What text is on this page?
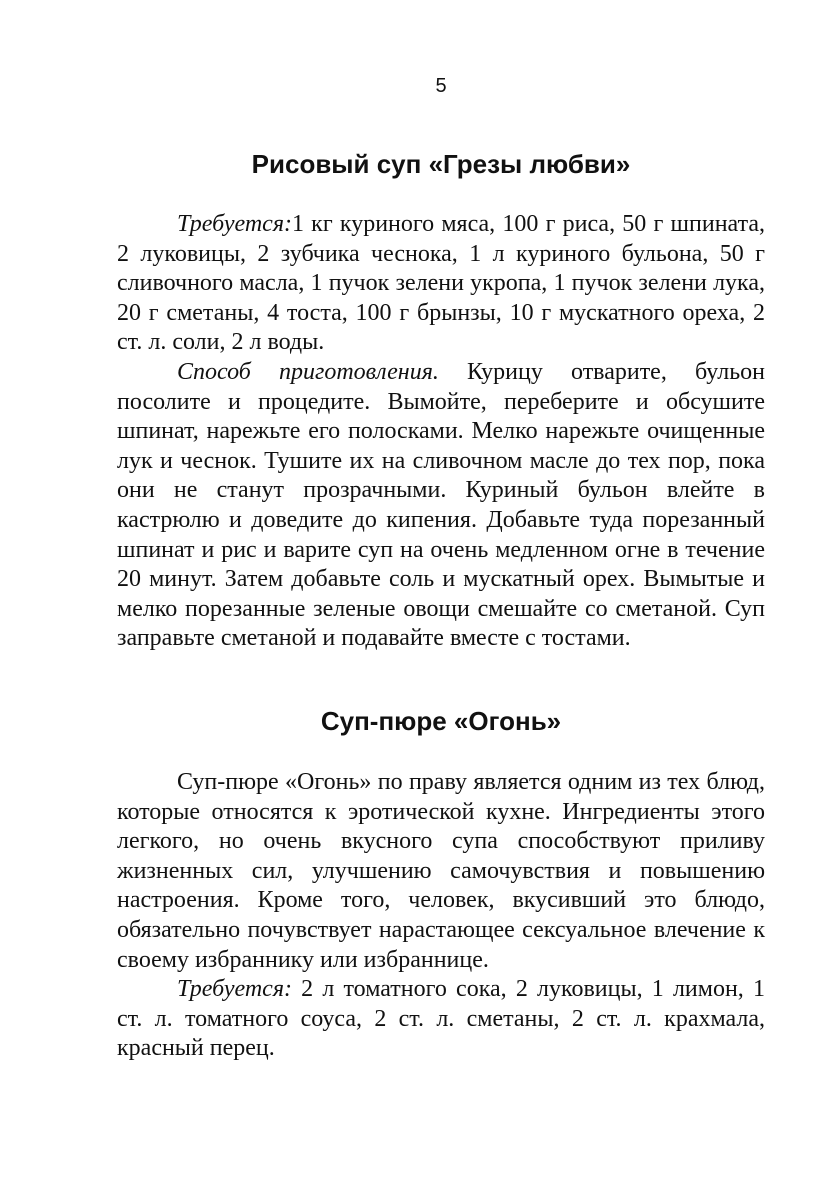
5
Рисовый суп «Грезы любви»

Требуется:1 кг куриного мяса, 100 г риса, 50 г шпината, 2 луковицы, 2 зубчика чеснока, 1 л куриного бульона, 50 г сливочного масла, 1 пучок зелени укропа, 1 пучок зелени лука, 20 г сметаны, 4 тоста, 100 г брынзы, 10 г мускатного ореха, 2 ст. л. соли, 2 л воды.

Способ приготовления. Курицу отварите, бульон посолите и процедите. Вымойте, переберите и обсушите шпинат, нарежьте его полосками. Мелко нарежьте очищенные лук и чеснок. Тушите их на сливочном масле до тех пор, пока они не станут прозрачными. Куриный бульон влейте в кастрюлю и доведите до кипения. Добавьте туда порезанный шпинат и рис и варите суп на очень медленном огне в течение 20 минут. Затем добавьте соль и мускатный орех. Вымытые и мелко порезанные зеленые овощи смешайте со сметаной. Суп заправьте сметаной и подавайте вместе с тостами.

Суп-пюре «Огонь»

Суп-пюре «Огонь» по праву является одним из тех блюд, которые относятся к эротической кухне. Ингредиенты этого легкого, но очень вкусного супа способствуют приливу жизненных сил, улучшению самочувствия и повышению настроения. Кроме того, человек, вкусивший это блюдо, обязательно почувствует нарастающее сексуальное влечение к своему избраннику или избраннице.

Требуется: 2 л томатного сока, 2 луковицы, 1 лимон, 1 ст. л. томатного соуса, 2 ст. л. сметаны, 2 ст. л. крахмала, красный перец.
